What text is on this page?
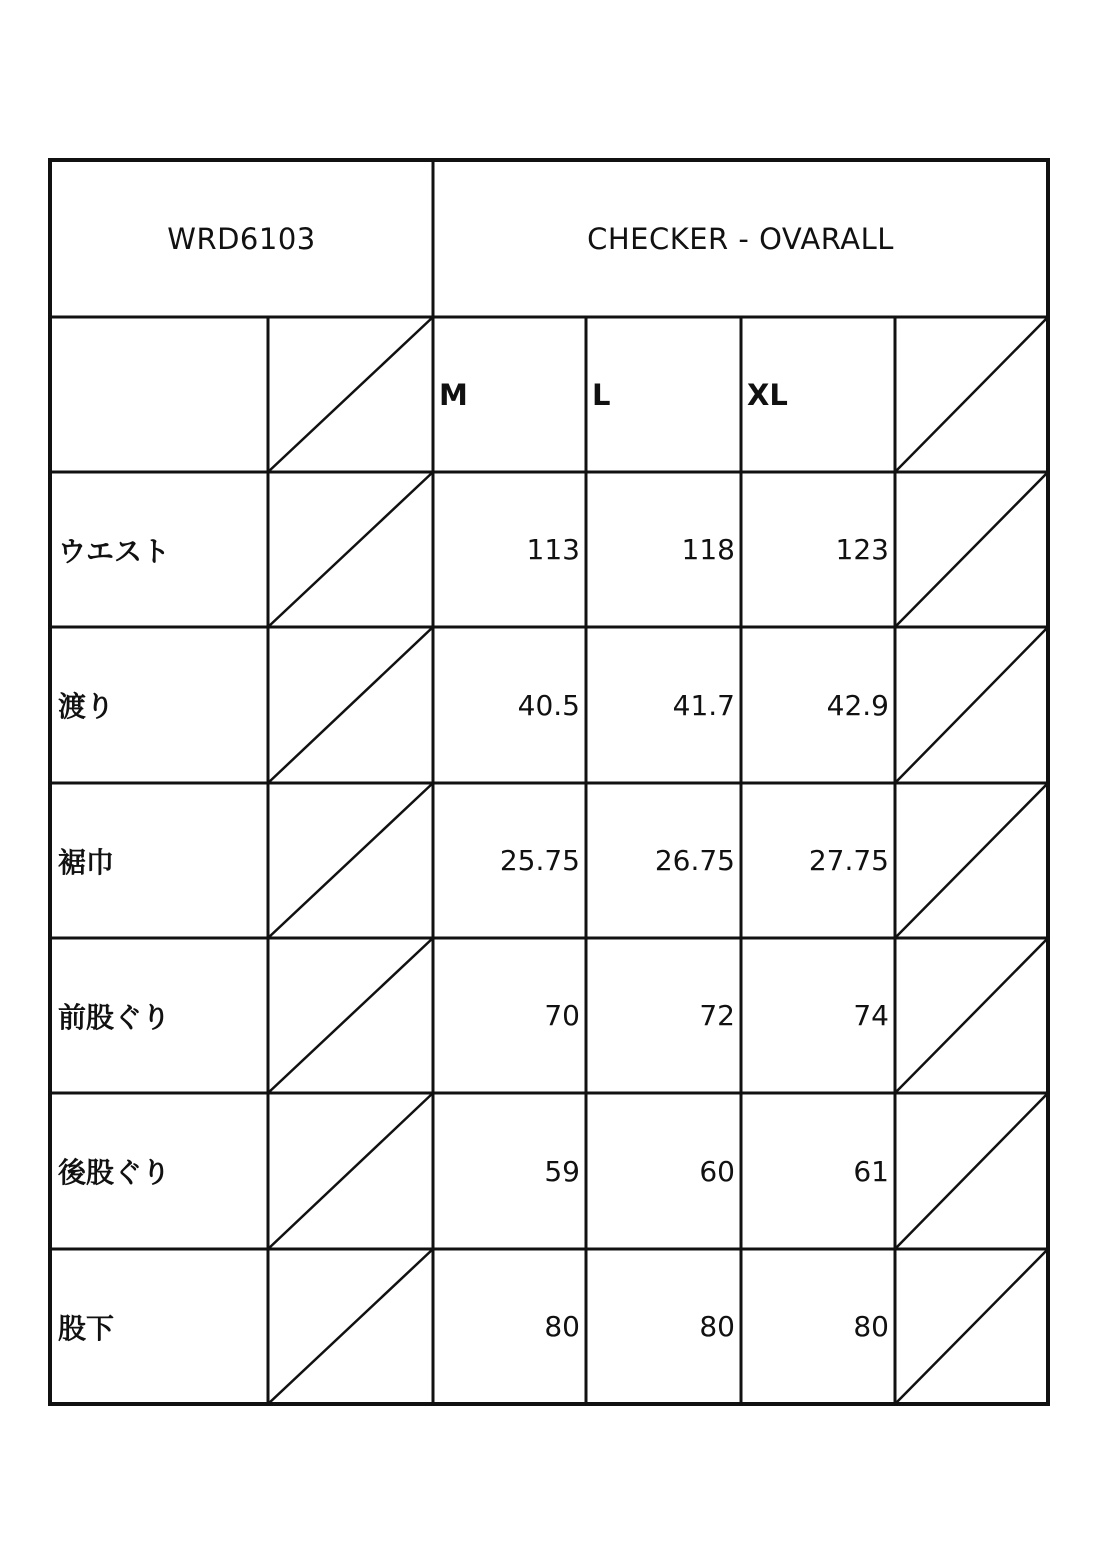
WRD6103	CHECKER - OVARALL
M	L	XL
ウエスト	113	118	123
渡り	40.5	41.7	42.9
裾巾	25.75	26.75	27.75
前股ぐり	70	72	74
後股ぐり	59	60	61
股下	80	80	80
